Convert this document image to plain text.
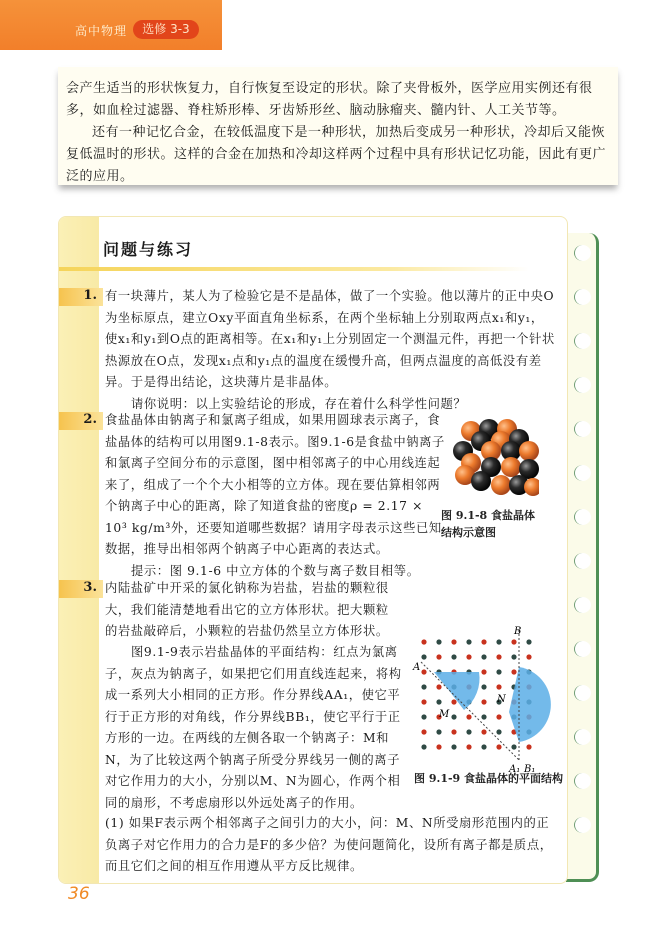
高中物理	选修 3-3

会产生适当的形状恢复力，自行恢复至设定的形状。除了夹骨板外，医学应用实例还有很多，如血栓过滤器、脊柱矫形棒、牙齿矫形丝、脑动脉瘤夹、髓内针、人工关节等。

还有一种记忆合金，在较低温度下是一种形状，加热后变成另一种形状，冷却后又能恢复低温时的形状。这样的合金在加热和冷却这样两个过程中具有形状记忆功能，因此有更广泛的应用。

问题与练习
1. 有一块薄片，某人为了检验它是不是晶体，做了一个实验。他以薄片的正中央O为坐标原点，建立Oxy平面直角坐标系，在两个坐标轴上分别取两点x₁和y₁，使x₁和y₁到O点的距离相等。在x₁和y₁上分别固定一个测温元件，再把一个针状热源放在O点，发现x₁点和y₁点的温度在缓慢升高，但两点温度的高低没有差异。于是得出结论，这块薄片是非晶体。

请你说明：以上实验结论的形成，存在着什么科学性问题？

2. 食盐晶体由钠离子和氯离子组成，如果用圆球表示离子，食盐晶体的结构可以用图9.1-8表示。图9.1-6是食盐中钠离子和氯离子空间分布的示意图，图中相邻离子的中心用线连起来了，组成了一个个大小相等的立方体。现在要估算相邻两个钠离子中心的距离，除了知道食盐的密度ρ = 2.17 × 10³ kg/m³外，还要知道哪些数据？请用字母表示这些已知数据，推导出相邻两个钠离子中心距离的表达式。

提示：图 9.1-6 中立方体的个数与离子数目相等。

图 9.1-8 食盐晶体结构示意图
3. 内陆盐矿中开采的氯化钠称为岩盐，岩盐的颗粒很大，我们能清楚地看出它的立方体形状。把大颗粒的岩盐敲碎后，小颗粒的岩盐仍然呈立方体形状。

图9.1-9表示岩盐晶体的平面结构：红点为氯离子，灰点为钠离子，如果把它们用直线连起来，将构成一系列大小相同的正方形。作分界线AA₁，使它平行于正方形的对角线，作分界线BB₁，使它平行于正方形的一边。在两线的左侧各取一个钠离子：M和N，为了比较这两个钠离子所受分界线另一侧的离子对它作用力的大小，分别以M、N为圆心，作两个相同的扇形，不考虑扇形以外远处离子的作用。

(1) 如果F表示两个相邻离子之间引力的大小，问：M、N所受扇形范围内的正负离子对它作用力的合力是F的多少倍？为使问题简化，设所有离子都是质点，而且它们之间的相互作用遵从平方反比规律。

A
A₁
B
B₁
M
N
图 9.1-9 食盐晶体的平面结构
36
